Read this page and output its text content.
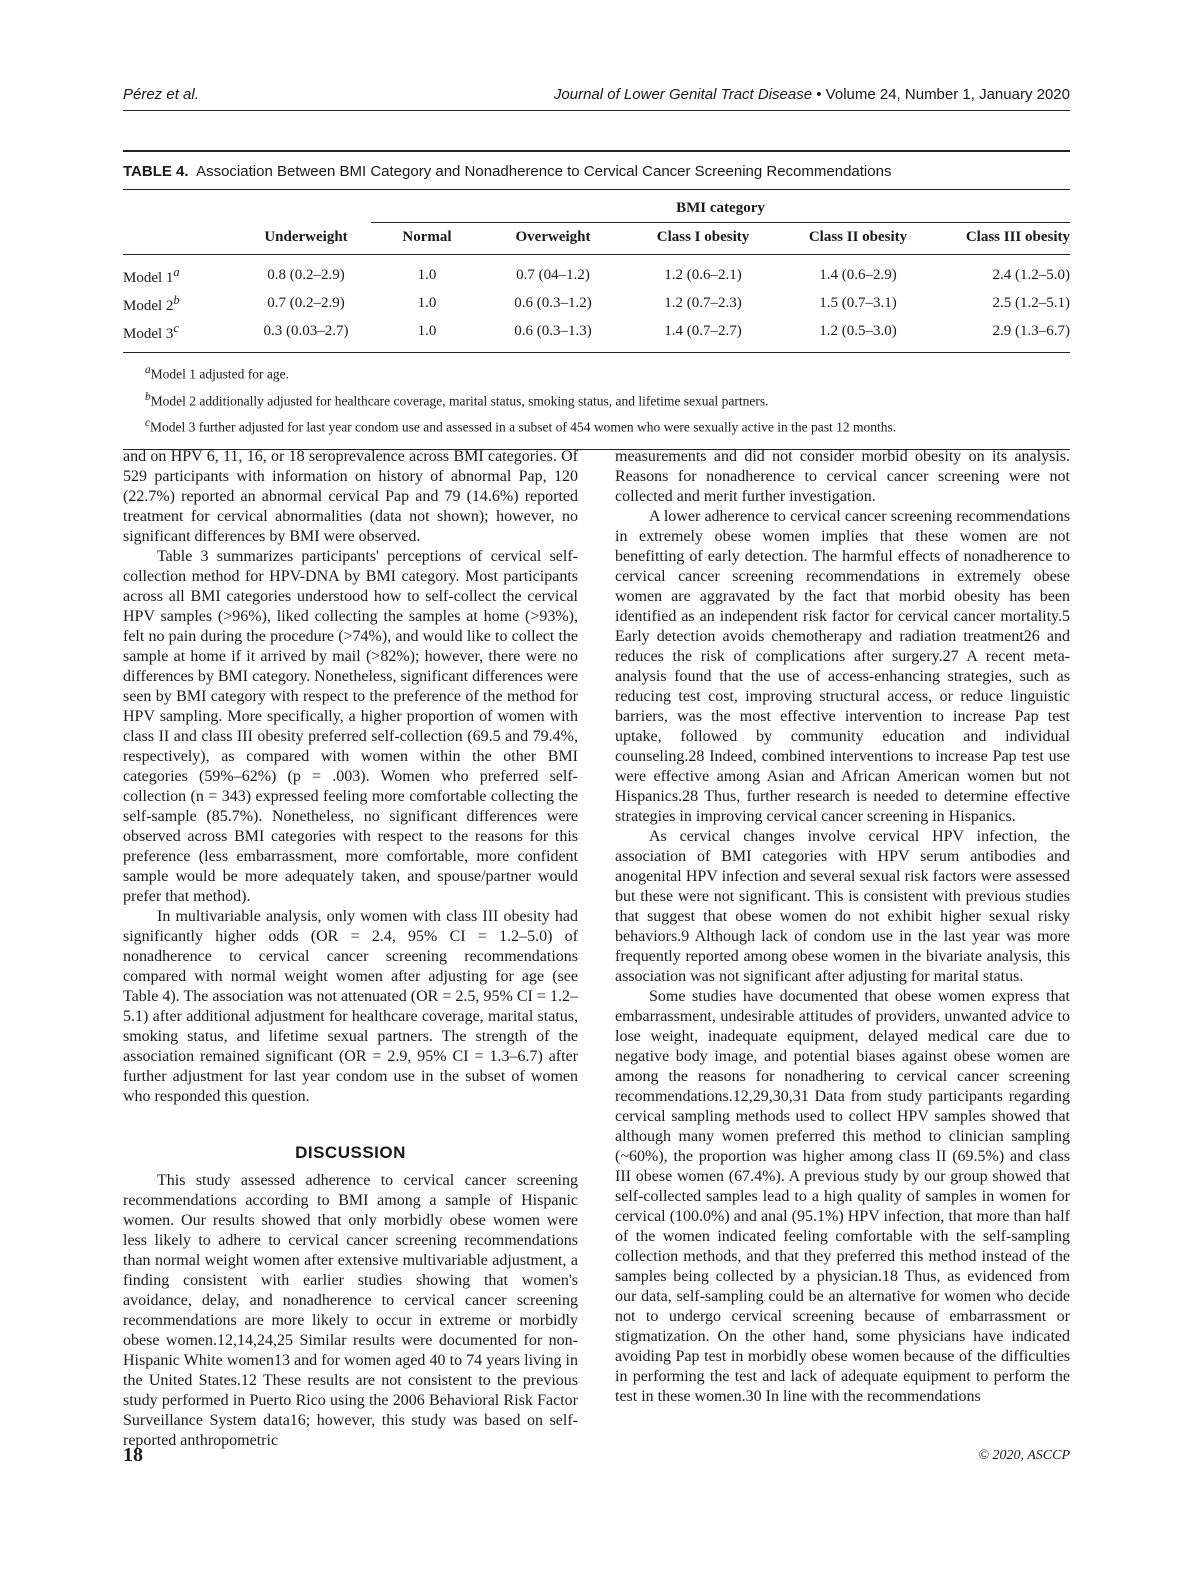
Pérez et al.	Journal of Lower Genital Tract Disease • Volume 24, Number 1, January 2020
TABLE 4. Association Between BMI Category and Nonadherence to Cervical Cancer Screening Recommendations
		BMI category				
	Underweight	Normal	Overweight	Class I obesity	Class II obesity	Class III obesity
Model 1$^a$	0.8 (0.2–2.9)	1.0	0.7 (04–1.2)	1.2 (0.6–2.1)	1.4 (0.6–2.9)	2.4 (1.2–5.0)
Model 2$^b$	0.7 (0.2–2.9)	1.0	0.6 (0.3–1.2)	1.2 (0.7–2.3)	1.5 (0.7–3.1)	2.5 (1.2–5.1)
Model 3$^c$	0.3 (0.03–2.7)	1.0	0.6 (0.3–1.3)	1.4 (0.7–2.7)	1.2 (0.5–3.0)	2.9 (1.3–6.7)
$^a$Model 1 adjusted for age.
$^b$Model 2 additionally adjusted for healthcare coverage, marital status, smoking status, and lifetime sexual partners.
$^c$Model 3 further adjusted for last year condom use and assessed in a subset of 454 women who were sexually active in the past 12 months.

and on HPV 6, 11, 16, or 18 seroprevalence across BMI categories. Of 529 participants with information on history of abnormal Pap, 120 (22.7%) reported an abnormal cervical Pap and 79 (14.6%) reported treatment for cervical abnormalities (data not shown); however, no significant differences by BMI were observed.

Table 3 summarizes participants' perceptions of cervical self-collection method for HPV-DNA by BMI category. Most participants across all BMI categories understood how to self-collect the cervical HPV samples (>96%), liked collecting the samples at home (>93%), felt no pain during the procedure (>74%), and would like to collect the sample at home if it arrived by mail (>82%); however, there were no differences by BMI category. Nonetheless, significant differences were seen by BMI category with respect to the preference of the method for HPV sampling. More specifically, a higher proportion of women with class II and class III obesity preferred self-collection (69.5 and 79.4%, respectively), as compared with women within the other BMI categories (59%–62%) (p = .003). Women who preferred self-collection (n = 343) expressed feeling more comfortable collecting the self-sample (85.7%). Nonetheless, no significant differences were observed across BMI categories with respect to the reasons for this preference (less embarrassment, more comfortable, more confident sample would be more adequately taken, and spouse/partner would prefer that method).

In multivariable analysis, only women with class III obesity had significantly higher odds (OR = 2.4, 95% CI = 1.2–5.0) of nonadherence to cervical cancer screening recommendations compared with normal weight women after adjusting for age (see Table 4). The association was not attenuated (OR = 2.5, 95% CI = 1.2–5.1) after additional adjustment for healthcare coverage, marital status, smoking status, and lifetime sexual partners. The strength of the association remained significant (OR = 2.9, 95% CI = 1.3–6.7) after further adjustment for last year condom use in the subset of women who responded this question.

DISCUSSION

This study assessed adherence to cervical cancer screening recommendations according to BMI among a sample of Hispanic women. Our results showed that only morbidly obese women were less likely to adhere to cervical cancer screening recommendations than normal weight women after extensive multivariable adjustment, a finding consistent with earlier studies showing that women's avoidance, delay, and nonadherence to cervical cancer screening recommendations are more likely to occur in extreme or morbidly obese women.12,14,24,25 Similar results were documented for non-Hispanic White women13 and for women aged 40 to 74 years living in the United States.12 These results are not consistent to the previous study performed in Puerto Rico using the 2006 Behavioral Risk Factor Surveillance System data16; however, this study was based on self-reported anthropometric

measurements and did not consider morbid obesity on its analysis. Reasons for nonadherence to cervical cancer screening were not collected and merit further investigation.

A lower adherence to cervical cancer screening recommendations in extremely obese women implies that these women are not benefitting of early detection. The harmful effects of nonadherence to cervical cancer screening recommendations in extremely obese women are aggravated by the fact that morbid obesity has been identified as an independent risk factor for cervical cancer mortality.5 Early detection avoids chemotherapy and radiation treatment26 and reduces the risk of complications after surgery.27 A recent meta-analysis found that the use of access-enhancing strategies, such as reducing test cost, improving structural access, or reduce linguistic barriers, was the most effective intervention to increase Pap test uptake, followed by community education and individual counseling.28 Indeed, combined interventions to increase Pap test use were effective among Asian and African American women but not Hispanics.28 Thus, further research is needed to determine effective strategies in improving cervical cancer screening in Hispanics.

As cervical changes involve cervical HPV infection, the association of BMI categories with HPV serum antibodies and anogenital HPV infection and several sexual risk factors were assessed but these were not significant. This is consistent with previous studies that suggest that obese women do not exhibit higher sexual risky behaviors.9 Although lack of condom use in the last year was more frequently reported among obese women in the bivariate analysis, this association was not significant after adjusting for marital status.

Some studies have documented that obese women express that embarrassment, undesirable attitudes of providers, unwanted advice to lose weight, inadequate equipment, delayed medical care due to negative body image, and potential biases against obese women are among the reasons for nonadhering to cervical cancer screening recommendations.12,29,30,31 Data from study participants regarding cervical sampling methods used to collect HPV samples showed that although many women preferred this method to clinician sampling (~60%), the proportion was higher among class II (69.5%) and class III obese women (67.4%). A previous study by our group showed that self-collected samples lead to a high quality of samples in women for cervical (100.0%) and anal (95.1%) HPV infection, that more than half of the women indicated feeling comfortable with the self-sampling collection methods, and that they preferred this method instead of the samples being collected by a physician.18 Thus, as evidenced from our data, self-sampling could be an alternative for women who decide not to undergo cervical screening because of embarrassment or stigmatization. On the other hand, some physicians have indicated avoiding Pap test in morbidly obese women because of the difficulties in performing the test and lack of adequate equipment to perform the test in these women.30 In line with the recommendations

18	© 2020, ASCCP
